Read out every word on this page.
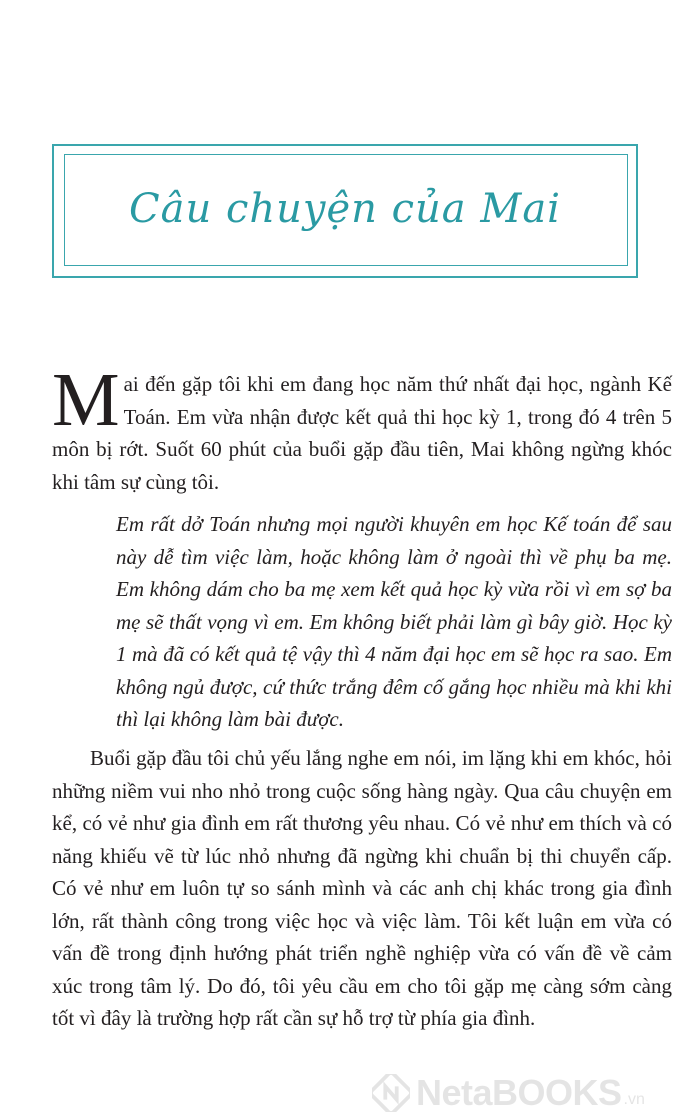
Câu chuyện của Mai
Mai đến gặp tôi khi em đang học năm thứ nhất đại học, ngành Kế Toán. Em vừa nhận được kết quả thi học kỳ 1, trong đó 4 trên 5 môn bị rớt. Suốt 60 phút của buổi gặp đầu tiên, Mai không ngừng khóc khi tâm sự cùng tôi.
Em rất dở Toán nhưng mọi người khuyên em học Kế toán để sau này dễ tìm việc làm, hoặc không làm ở ngoài thì về phụ ba mẹ. Em không dám cho ba mẹ xem kết quả học kỳ vừa rồi vì em sợ ba mẹ sẽ thất vọng vì em. Em không biết phải làm gì bây giờ. Học kỳ 1 mà đã có kết quả tệ vậy thì 4 năm đại học em sẽ học ra sao. Em không ngủ được, cứ thức trắng đêm cố gắng học nhiều mà khi khi thì lại không làm bài được.
Buổi gặp đầu tôi chủ yếu lắng nghe em nói, im lặng khi em khóc, hỏi những niềm vui nho nhỏ trong cuộc sống hàng ngày. Qua câu chuyện em kể, có vẻ như gia đình em rất thương yêu nhau. Có vẻ như em thích và có năng khiếu vẽ từ lúc nhỏ nhưng đã ngừng khi chuẩn bị thi chuyển cấp. Có vẻ như em luôn tự so sánh mình và các anh chị khác trong gia đình lớn, rất thành công trong việc học và việc làm. Tôi kết luận em vừa có vấn đề trong định hướng phát triển nghề nghiệp vừa có vấn đề về cảm xúc trong tâm lý. Do đó, tôi yêu cầu em cho tôi gặp mẹ càng sớm càng tốt vì đây là trường hợp rất cần sự hỗ trợ từ phía gia đình.
NetaBOOKS .vn
